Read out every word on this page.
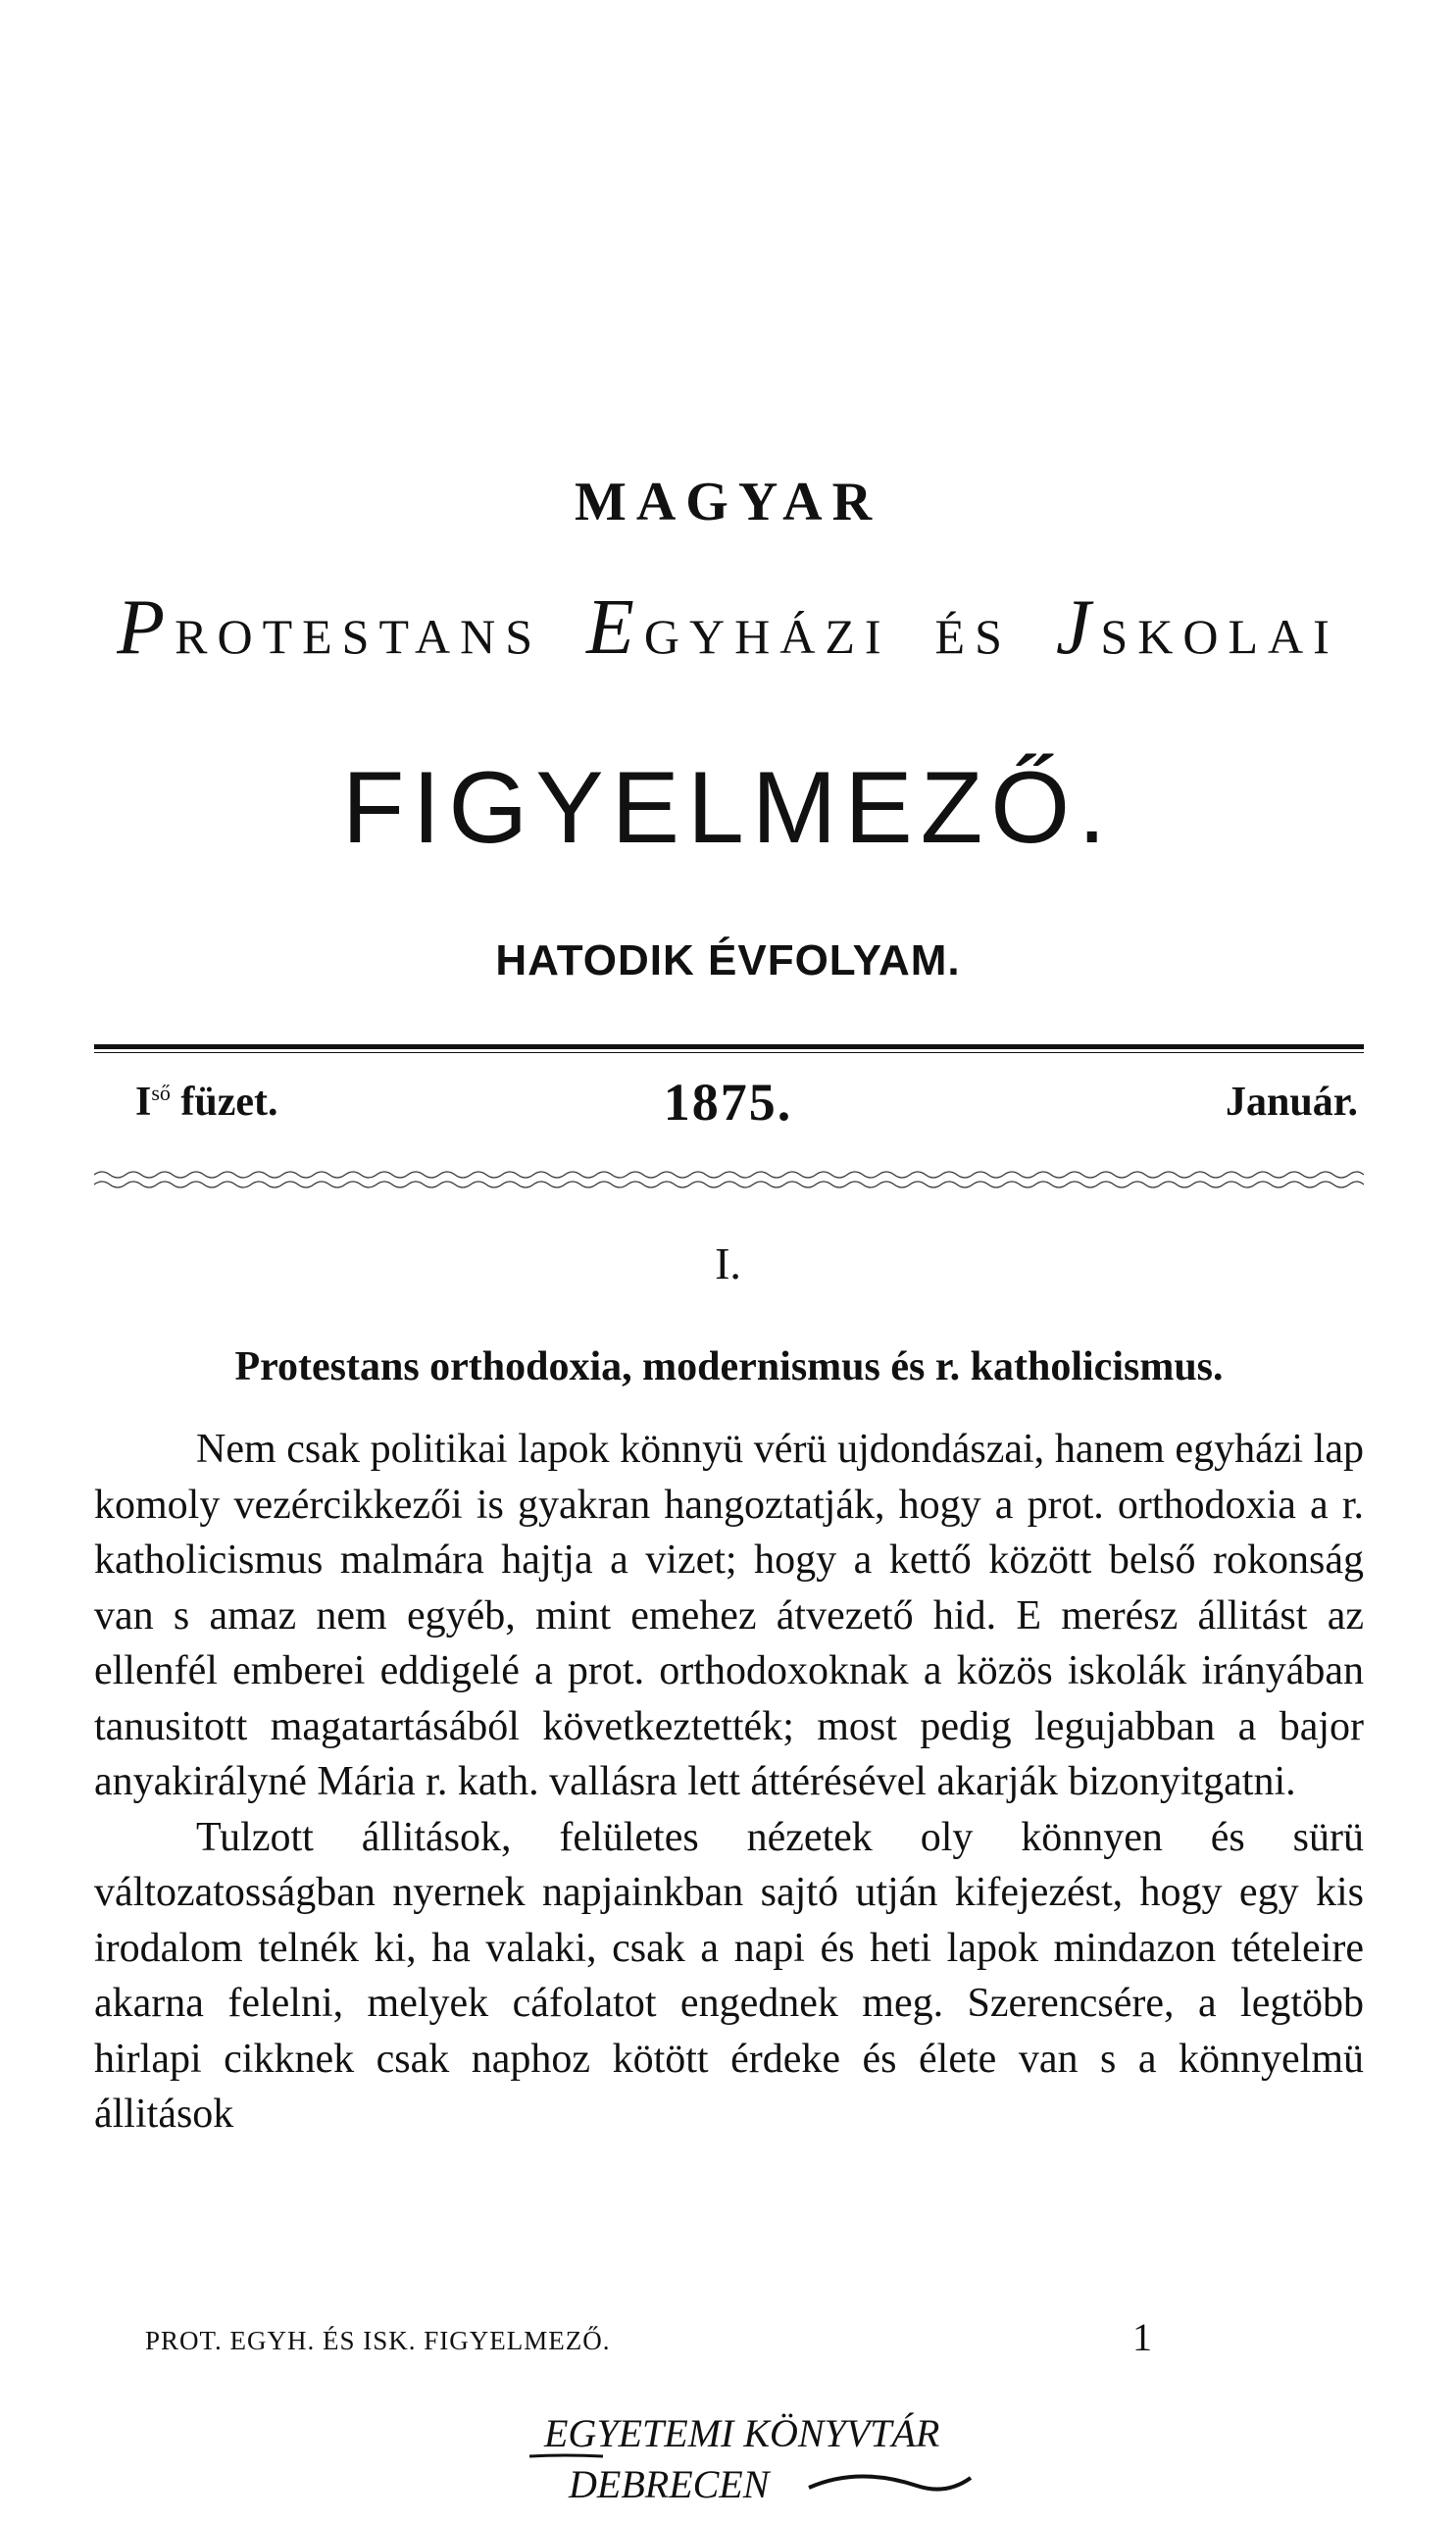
MAGYAR
PROTESTANS EGYHÁZI ÉS JSKOLAI
FIGYELMEZŐ.
HATODIK ÉVFOLYAM.
$I^{ső}$ füzet.	1875.	Január.
I.
Protestans orthodoxia, modernismus és r. katholicismus.

Nem csak politikai lapok könnyü vérü ujdondászai, hanem egyházi lap komoly vezércikkezői is gyakran hangoztatják, hogy a prot. orthodoxia a r. katholicismus malmára hajtja a vizet; hogy a kettő között belső rokonság van s amaz nem egyéb, mint emehez átvezető hid. E merész állitást az ellenfél emberei eddigelé a prot. orthodoxoknak a közös iskolák irányában tanusitott magatartásából következtették; most pedig legujabban a bajor anyakirályné Mária r. kath. vallásra lett áttérésével akarják bizonyitgatni.

Tulzott állitások, felületes nézetek oly könnyen és sürü változatosságban nyernek napjainkban sajtó utján kifejezést, hogy egy kis irodalom telnék ki, ha valaki, csak a napi és heti lapok mindazon tételeire akarna felelni, melyek cáfolatot engednek meg. Szerencsére, a legtöbb hirlapi cikknek csak naphoz kötött érdeke és élete van s a könnyelmü állitások

PROT. EGYH. ÉS ISK. FIGYELMEZŐ.	1
EGYETEMI KÖNYVTÁR
DEBRECEN
